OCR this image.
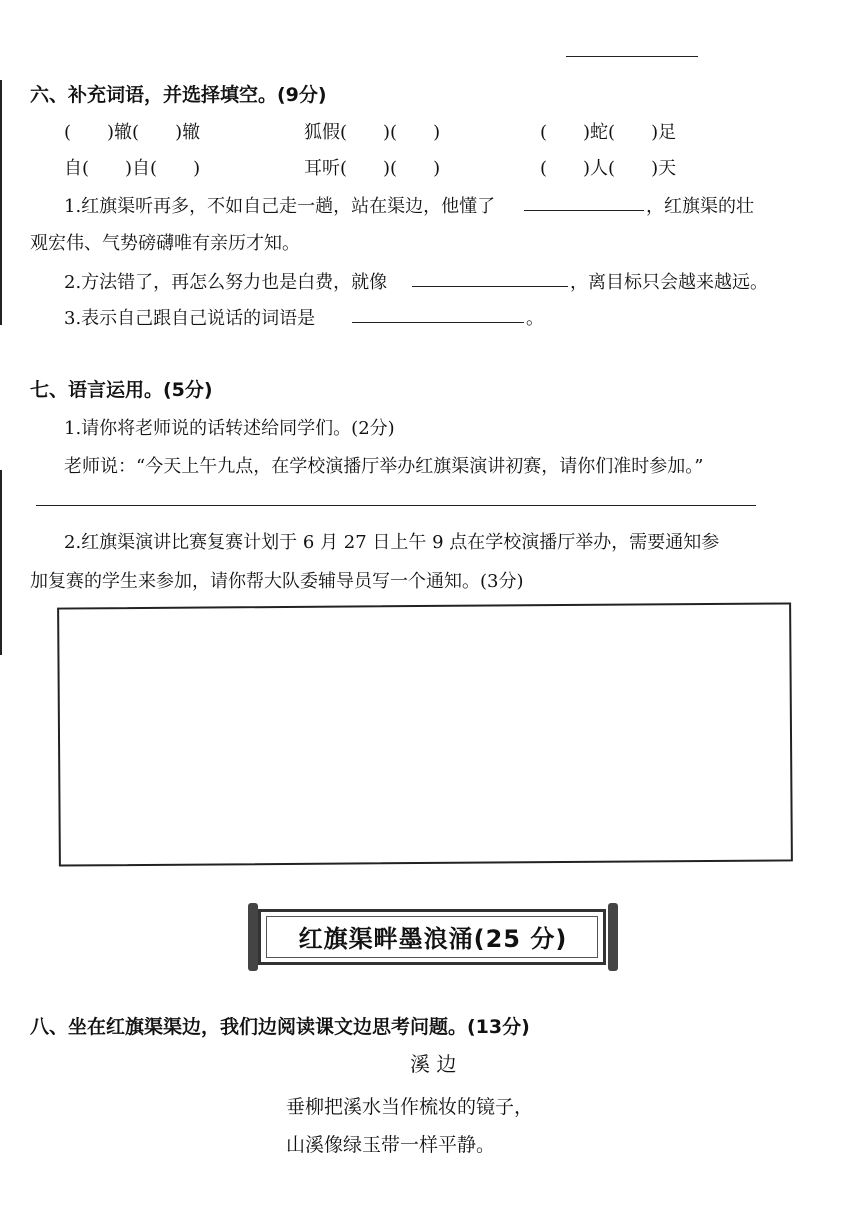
六、补充词语，并选择填空。(9分)
(　　)辙(　　)辙	狐假(　　)(　　)	(　　)蛇(　　)足
自(　　)自(　　)	耳听(　　)(　　)	(　　)人(　　)天
1.红旗渠听再多，不如自己走一趟，站在渠边，他懂了	，红旗渠的壮
观宏伟、气势磅礴唯有亲历才知。
2.方法错了，再怎么努力也是白费，就像	，离目标只会越来越远。
3.表示自己跟自己说话的词语是	。
七、语言运用。(5分)
1.请你将老师说的话转述给同学们。(2分)
老师说：“今天上午九点，在学校演播厅举办红旗渠演讲初赛，请你们准时参加。”
2.红旗渠演讲比赛复赛计划于 6 月 27 日上午 9 点在学校演播厅举办，需要通知参
加复赛的学生来参加，请你帮大队委辅导员写一个通知。(3分)
红旗渠畔墨浪涌(25 分)
八、坐在红旗渠渠边，我们边阅读课文边思考问题。(13分)
溪 边
垂柳把溪水当作梳妆的镜子，
山溪像绿玉带一样平静。
